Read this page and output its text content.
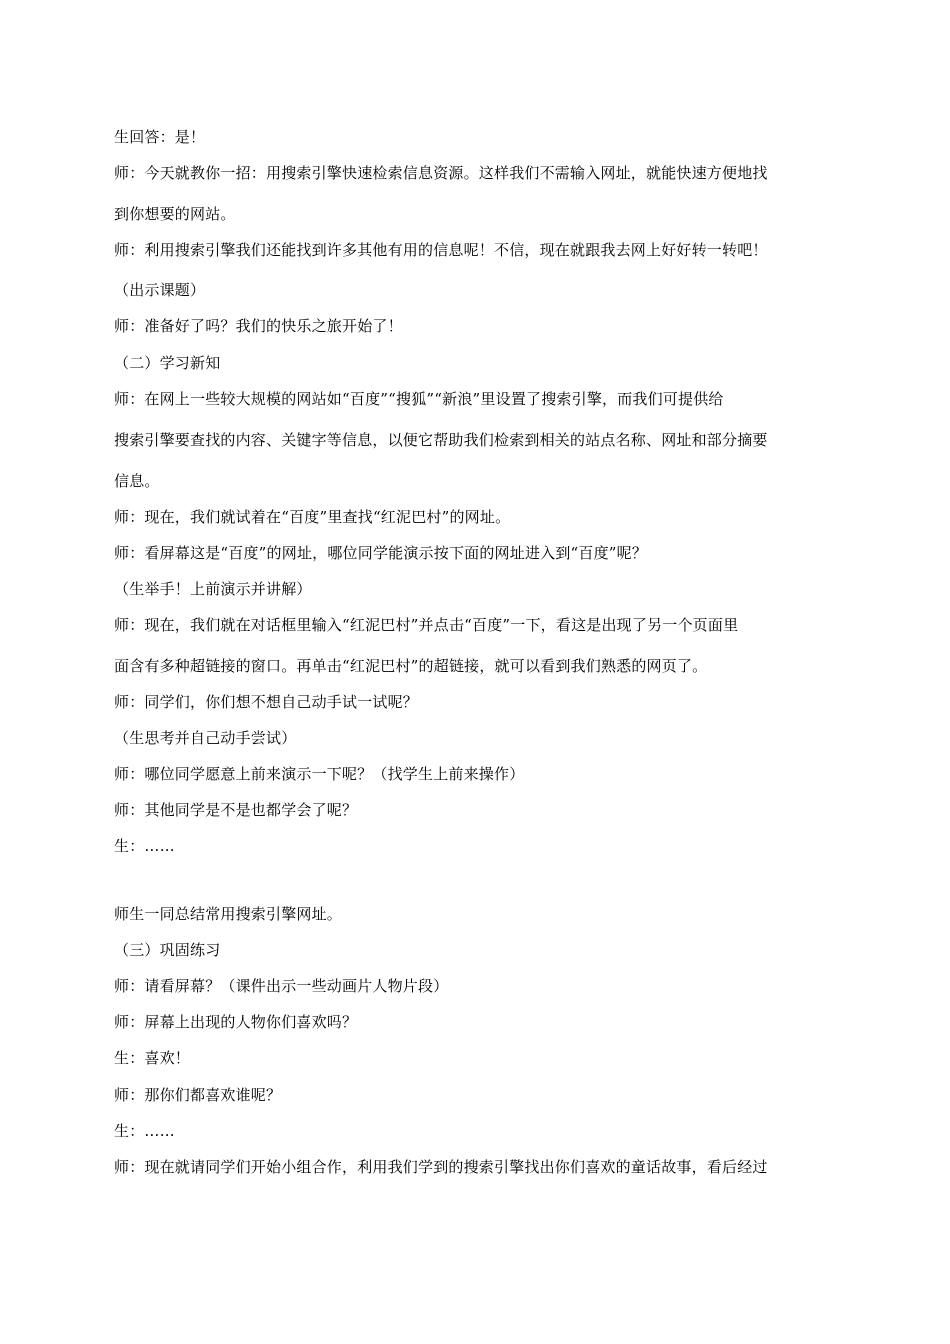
生回答：是！
师：今天就教你一招：用搜索引擎快速检索信息资源。这样我们不需输入网址，就能快速方便地找
到你想要的网站。
师：利用搜索引擎我们还能找到许多其他有用的信息呢！不信，现在就跟我去网上好好转一转吧！
（出示课题）
师：准备好了吗？我们的快乐之旅开始了！
（二）学习新知
师：在网上一些较大规模的网站如“百度”“搜狐”“新浪”里设置了搜索引擎，而我们可提供给
搜索引擎要查找的内容、关键字等信息，以便它帮助我们检索到相关的站点名称、网址和部分摘要
信息。
师：现在，我们就试着在“百度”里查找“红泥巴村”的网址。
师：看屏幕这是“百度”的网址，哪位同学能演示按下面的网址进入到“百度”呢？
（生举手！上前演示并讲解）
师：现在，我们就在对话框里输入“红泥巴村”并点击“百度”一下，看这是出现了另一个页面里
面含有多种超链接的窗口。再单击“红泥巴村”的超链接，就可以看到我们熟悉的网页了。
师：同学们，你们想不想自己动手试一试呢？
（生思考并自己动手尝试）
师：哪位同学愿意上前来演示一下呢？（找学生上前来操作）
师：其他同学是不是也都学会了呢？
生：……
师生一同总结常用搜索引擎网址。
（三）巩固练习
师：请看屏幕？（课件出示一些动画片人物片段）
师：屏幕上出现的人物你们喜欢吗？
生：喜欢！
师：那你们都喜欢谁呢？
生：……
师：现在就请同学们开始小组合作，利用我们学到的搜索引擎找出你们喜欢的童话故事，看后经过
